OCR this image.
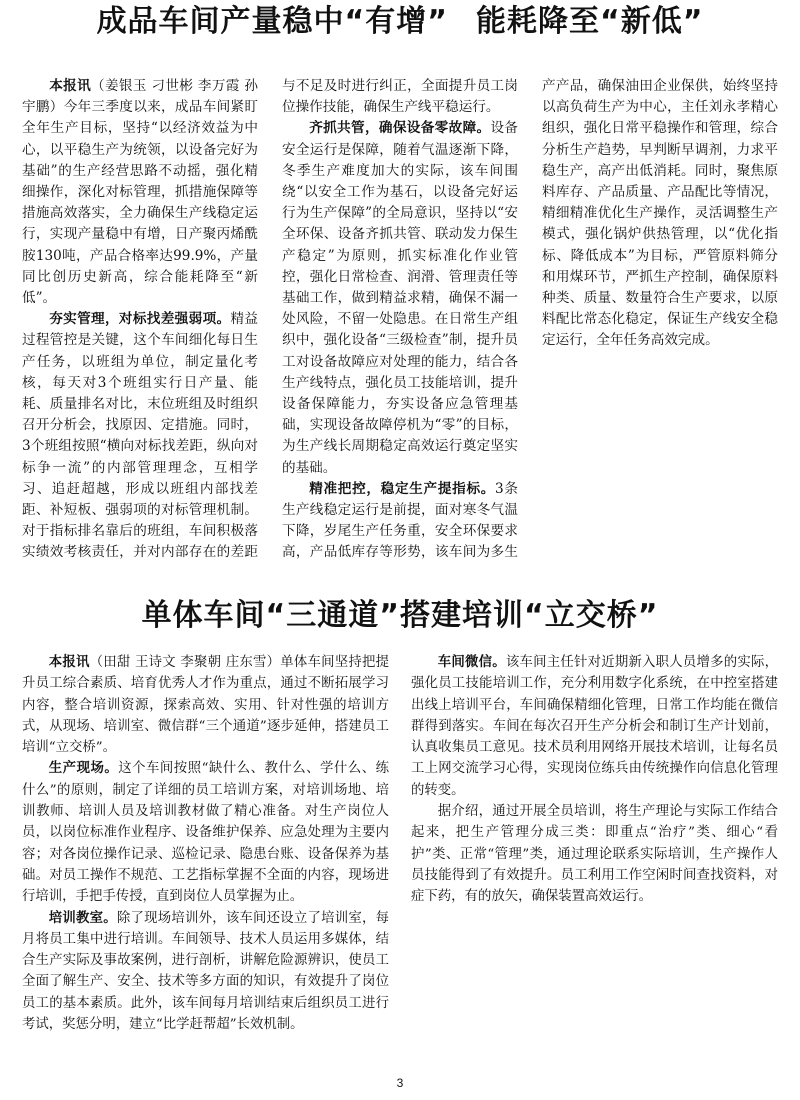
成品车间产量稳中“有增” 能耗降至“新低”

本报讯（姜银玉 刁世彬 李万霞 孙宇鹏）今年三季度以来，成品车间紧盯全年生产目标，坚持“以经济效益为中心，以平稳生产为统领，以设备完好为基础”的生产经营思路不动摇，强化精细操作，深化对标管理，抓措施保障等措施高效落实，全力确保生产线稳定运行，实现产量稳中有增，日产聚丙烯酰胺130吨，产品合格率达99.9%，产量同比创历史新高，综合能耗降至“新低”。

夯实管理，对标找差强弱项。精益过程管控是关键，这个车间细化每日生产任务，以班组为单位，制定量化考核，每天对3个班组实行日产量、能耗、质量排名对比，末位班组及时组织召开分析会，找原因、定措施。同时，3个班组按照“横向对标找差距，纵向对标争一流”的内部管理理念，互相学习、追赶超越，形成以班组内部找差距、补短板、强弱项的对标管理机制。对于指标排名靠后的班组，车间积极落实绩效考核责任，并对内部存在的差距与不足及时进行纠正，全面提升员工岗位操作技能，确保生产线平稳运行。

齐抓共管，确保设备零故障。设备安全运行是保障，随着气温逐渐下降，冬季生产难度加大的实际，该车间围绕“以安全工作为基石，以设备完好运行为生产保障”的全局意识，坚持以“安全环保、设备齐抓共管、联动发力保生产稳定”为原则，抓实标准化作业管控，强化日常检查、润滑、管理责任等基础工作，做到精益求精，确保不漏一处风险，不留一处隐患。在日常生产组织中，强化设备“三级检查”制，提升员工对设备故障应对处理的能力，结合各生产线特点，强化员工技能培训，提升设备保障能力，夯实设备应急管理基础，实现设备故障停机为“零”的目标，为生产线长周期稳定高效运行奠定坚实的基础。

精准把控，稳定生产提指标。3条生产线稳定运行是前提，面对寒冬气温下降，岁尾生产任务重，安全环保要求高，产品低库存等形势，该车间为多生产产品，确保油田企业保供，始终坚持以高负荷生产为中心，主任刘永孝精心组织，强化日常平稳操作和管理，综合分析生产趋势，早判断早调剂，力求平稳生产，高产出低消耗。同时，聚焦原料库存、产品质量、产品配比等情况，精细精准优化生产操作，灵活调整生产模式，强化锅炉供热管理，以“优化指标、降低成本”为目标，严管原料筛分和用煤环节，严抓生产控制，确保原料种类、质量、数量符合生产要求，以原料配比常态化稳定，保证生产线安全稳定运行，全年任务高效完成。

单体车间“三通道”搭建培训“立交桥”

本报讯（田甜 王诗文 李聚朝 庄东雪）单体车间坚持把提升员工综合素质、培育优秀人才作为重点，通过不断拓展学习内容，整合培训资源，探索高效、实用、针对性强的培训方式，从现场、培训室、微信群“三个通道”逐步延伸，搭建员工培训“立交桥”。

生产现场。这个车间按照“缺什么、教什么、学什么、练什么”的原则，制定了详细的员工培训方案，对培训场地、培训教师、培训人员及培训教材做了精心准备。对生产岗位人员，以岗位标准作业程序、设备维护保养、应急处理为主要内容；对各岗位操作记录、巡检记录、隐患台账、设备保养为基础。对员工操作不规范、工艺指标掌握不全面的内容，现场进行培训，手把手传授，直到岗位人员掌握为止。

培训教室。除了现场培训外，该车间还设立了培训室，每月将员工集中进行培训。车间领导、技术人员运用多媒体，结合生产实际及事故案例，进行剖析，讲解危险源辨识，使员工全面了解生产、安全、技术等多方面的知识，有效提升了岗位员工的基本素质。此外，该车间每月培训结束后组织员工进行考试，奖惩分明，建立“比学赶帮超”长效机制。

车间微信。该车间主任针对近期新入职人员增多的实际，强化员工技能培训工作，充分利用数字化系统，在中控室搭建出线上培训平台，车间确保精细化管理，日常工作均能在微信群得到落实。车间在每次召开生产分析会和制订生产计划前，认真收集员工意见。技术员利用网络开展技术培训，让每名员工上网交流学习心得，实现岗位练兵由传统操作向信息化管理的转变。

据介绍，通过开展全员培训，将生产理论与实际工作结合起来，把生产管理分成三类：即重点“治疗”类、细心“看护”类、正常“管理”类，通过理论联系实际培训，生产操作人员技能得到了有效提升。员工利用工作空闲时间查找资料，对症下药，有的放矢，确保装置高效运行。

3
